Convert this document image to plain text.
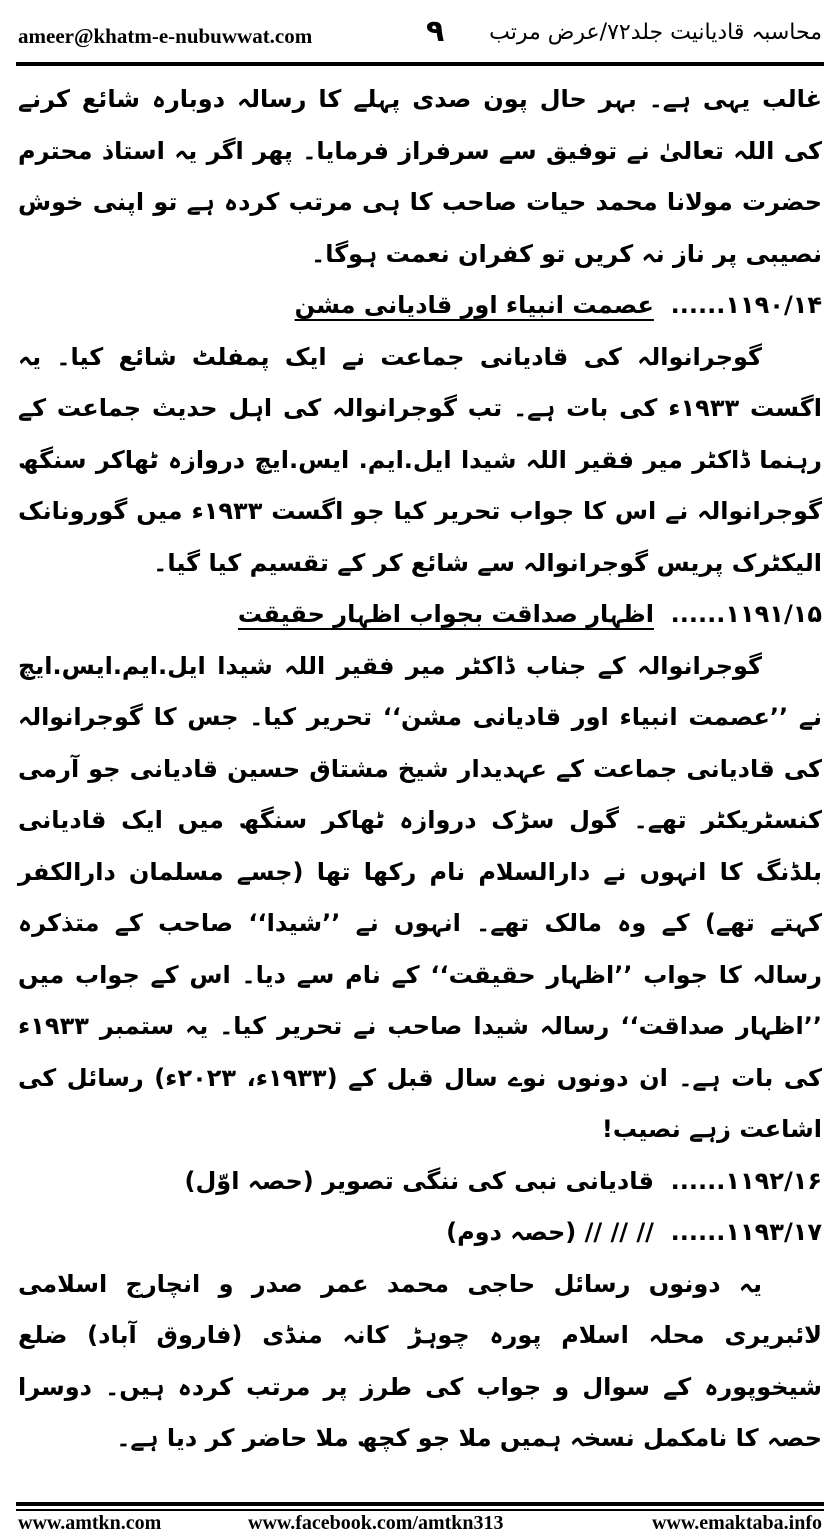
ameer@khatm-e-nubuwwat.com	۹ محاسبہ قادیانیت جلد۷۲/عرض مرتب

غالب یہی ہے۔ بہر حال پون صدی پہلے کا رسالہ دوبارہ شائع کرنے کی اللہ تعالیٰ نے توفیق سے سرفراز فرمایا۔ پھر اگر یہ استاذ محترم حضرت مولانا محمد حیات صاحب کا ہی مرتب کردہ ہے تو اپنی خوش نصیبی پر ناز نہ کریں تو کفران نعمت ہوگا۔

۱۱۹۰/۱۴......  عصمت انبیاء اور قادیانی مشن

گوجرانوالہ کی قادیانی جماعت نے ایک پمفلٹ شائع کیا۔ یہ اگست ۱۹۳۳ء کی بات ہے۔ تب گوجرانوالہ کی اہل حدیث جماعت کے رہنما ڈاکٹر میر فقیر اللہ شیدا ایل.ایم. ایس.ایچ دروازہ ٹھاکر سنگھ گوجرانوالہ نے اس کا جواب تحریر کیا جو اگست ۱۹۳۳ء میں گورونانک الیکٹرک پریس گوجرانوالہ سے شائع کر کے تقسیم کیا گیا۔

۱۱۹۱/۱۵......  اظہار صداقت بجواب اظہار حقیقت

گوجرانوالہ کے جناب ڈاکٹر میر فقیر اللہ شیدا ایل.ایم.ایس.ایچ نے ’’عصمت انبیاء اور قادیانی مشن‘‘ تحریر کیا۔ جس کا گوجرانوالہ کی قادیانی جماعت کے عہدیدار شیخ مشتاق حسین قادیانی جو آرمی کنسٹریکٹر تھے۔ گول سڑک دروازہ ٹھاکر سنگھ میں ایک قادیانی بلڈنگ کا انہوں نے دارالسلام نام رکھا تھا (جسے مسلمان دارالکفر کہتے تھے) کے وہ مالک تھے۔ انہوں نے ’’شیدا‘‘ صاحب کے متذکرہ رسالہ کا جواب ’’اظہار حقیقت‘‘ کے نام سے دیا۔ اس کے جواب میں ’’اظہار صداقت‘‘ رسالہ شیدا صاحب نے تحریر کیا۔ یہ ستمبر ۱۹۳۳ء کی بات ہے۔ ان دونوں نوے سال قبل کے (۱۹۳۳ء، ۲۰۲۳ء) رسائل کی اشاعت زہے نصیب!

۱۱۹۲/۱۶......  قادیانی نبی کی ننگی تصویر (حصہ اوّل)
۱۱۹۳/۱۷......  // // // (حصہ دوم)

یہ دونوں رسائل حاجی محمد عمر صدر و انچارج اسلامی لائبریری محلہ اسلام پورہ چوہڑ کانہ منڈی (فاروق آباد) ضلع شیخوپورہ کے سوال و جواب کی طرز پر مرتب کردہ ہیں۔ دوسرا حصہ کا نامکمل نسخہ ہمیں ملا جو کچھ ملا حاضر کر دیا ہے۔

www.amtkn.com	www.facebook.com/amtkn313	www.emaktaba.info
